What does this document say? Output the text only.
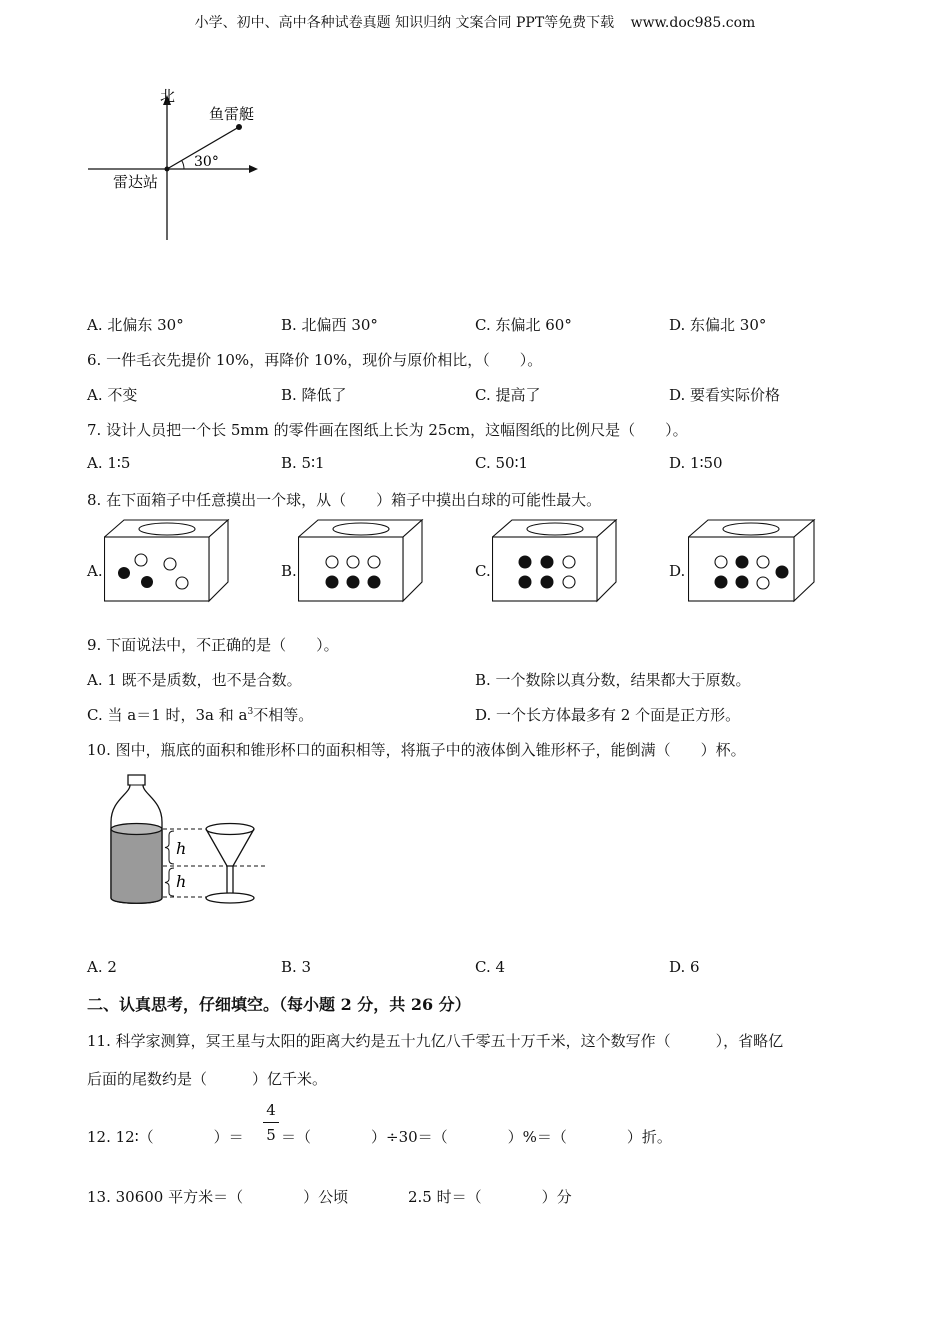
小学、初中、高中各种试卷真题 知识归纳 文案合同 PPT等免费下载 www.doc985.com
北
鱼雷艇
30°
雷达站
A. 北偏东 30°	B. 北偏西 30°	C. 东偏北 60°	D. 东偏北 30°
6. 一件毛衣先提价 10%，再降价 10%，现价与原价相比，（　　）。
A. 不变	B. 降低了	C. 提高了	D. 要看实际价格
7. 设计人员把一个长 5mm 的零件画在图纸上长为 25cm，这幅图纸的比例尺是（　　）。
A. 1∶5	B. 5∶1	C. 50∶1	D. 1∶50
8. 在下面箱子中任意摸出一个球，从（　　）箱子中摸出白球的可能性最大。
A.	B.	C.	D.
9. 下面说法中，不正确的是（　　）。
A. 1 既不是质数，也不是合数。	B. 一个数除以真分数，结果都大于原数。
C. 当 a＝1 时，3a 和 $a^3$不相等。	D. 一个长方体最多有 2 个面是正方形。
10. 图中，瓶底的面积和锥形杯口的面积相等，将瓶子中的液体倒入锥形杯子，能倒满（　　）杯。
h
h
A. 2	B. 3	C. 4	D. 6
二、认真思考，仔细填空。（每小题 2 分，共 26 分）
11. 科学家测算，冥王星与太阳的距离大约是五十九亿八千零五十万千米，这个数写作（　　　），省略亿
后面的尾数约是（　　　）亿千米。
12. 12∶（　　　　）＝
4
5 ＝（　　　　）÷30＝（　　　　）%＝（　　　　）折。
13. 30600 平方米＝（　　　　）公顷	2.5 时＝（　　　　）分
